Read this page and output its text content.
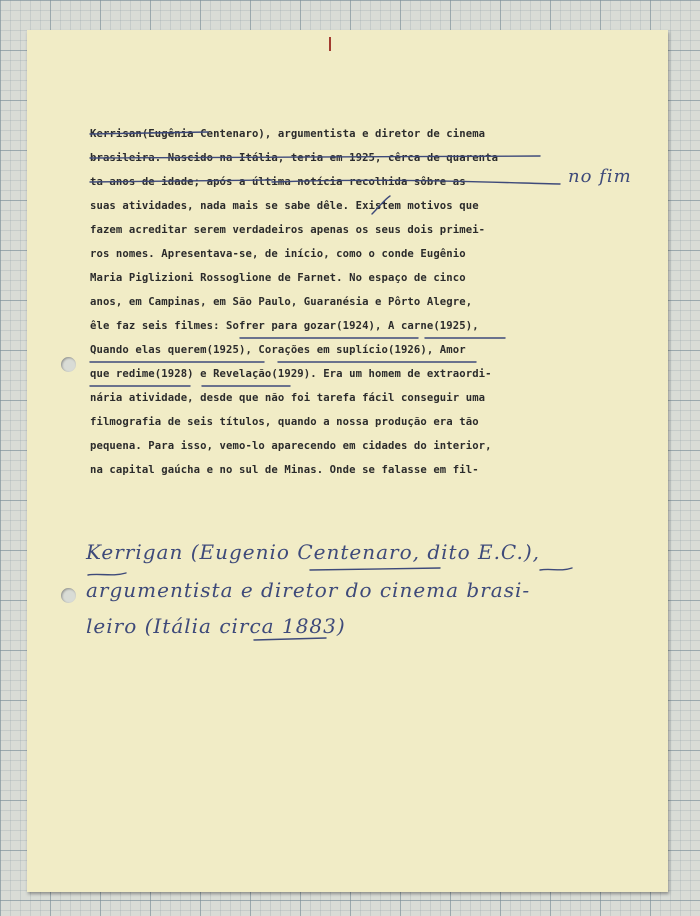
Kerrisan(Eugênia Centenaro), argumentista e diretor de cinema
brasileira. Nascido na Itália, teria em 1925, cêrca de quarenta
ta anos de idade; após a última notícia recolhida sôbre as
suas atividades, nada mais se sabe dêle. Existem motivos que
fazem acreditar serem verdadeiros apenas os seus dois primei-
ros nomes. Apresentava-se, de início, como o conde Eugênio
Maria Piglizioni Rossoglione de Farnet. No espaço de cinco
anos, em Campinas, em São Paulo, Guaranésia e Pôrto Alegre,
êle faz seis filmes: Sofrer para gozar(1924), A carne(1925),
Quando elas querem(1925), Corações em suplício(1926), Amor
que redime(1928) e Revelação(1929). Era um homem de extraordi-
nária atividade, desde que não foi tarefa fácil conseguir uma
filmografia de seis títulos, quando a nossa produção era tão
pequena. Para isso, vemo-lo aparecendo em cidades do interior,
na capital gaúcha e no sul de Minas. Onde se falasse em fil-
no fim
Kerrigan (Eugenio Centenaro, dito E.C.),
argumentista e diretor do cinema brasi-
leiro (Itália circa 1883)
